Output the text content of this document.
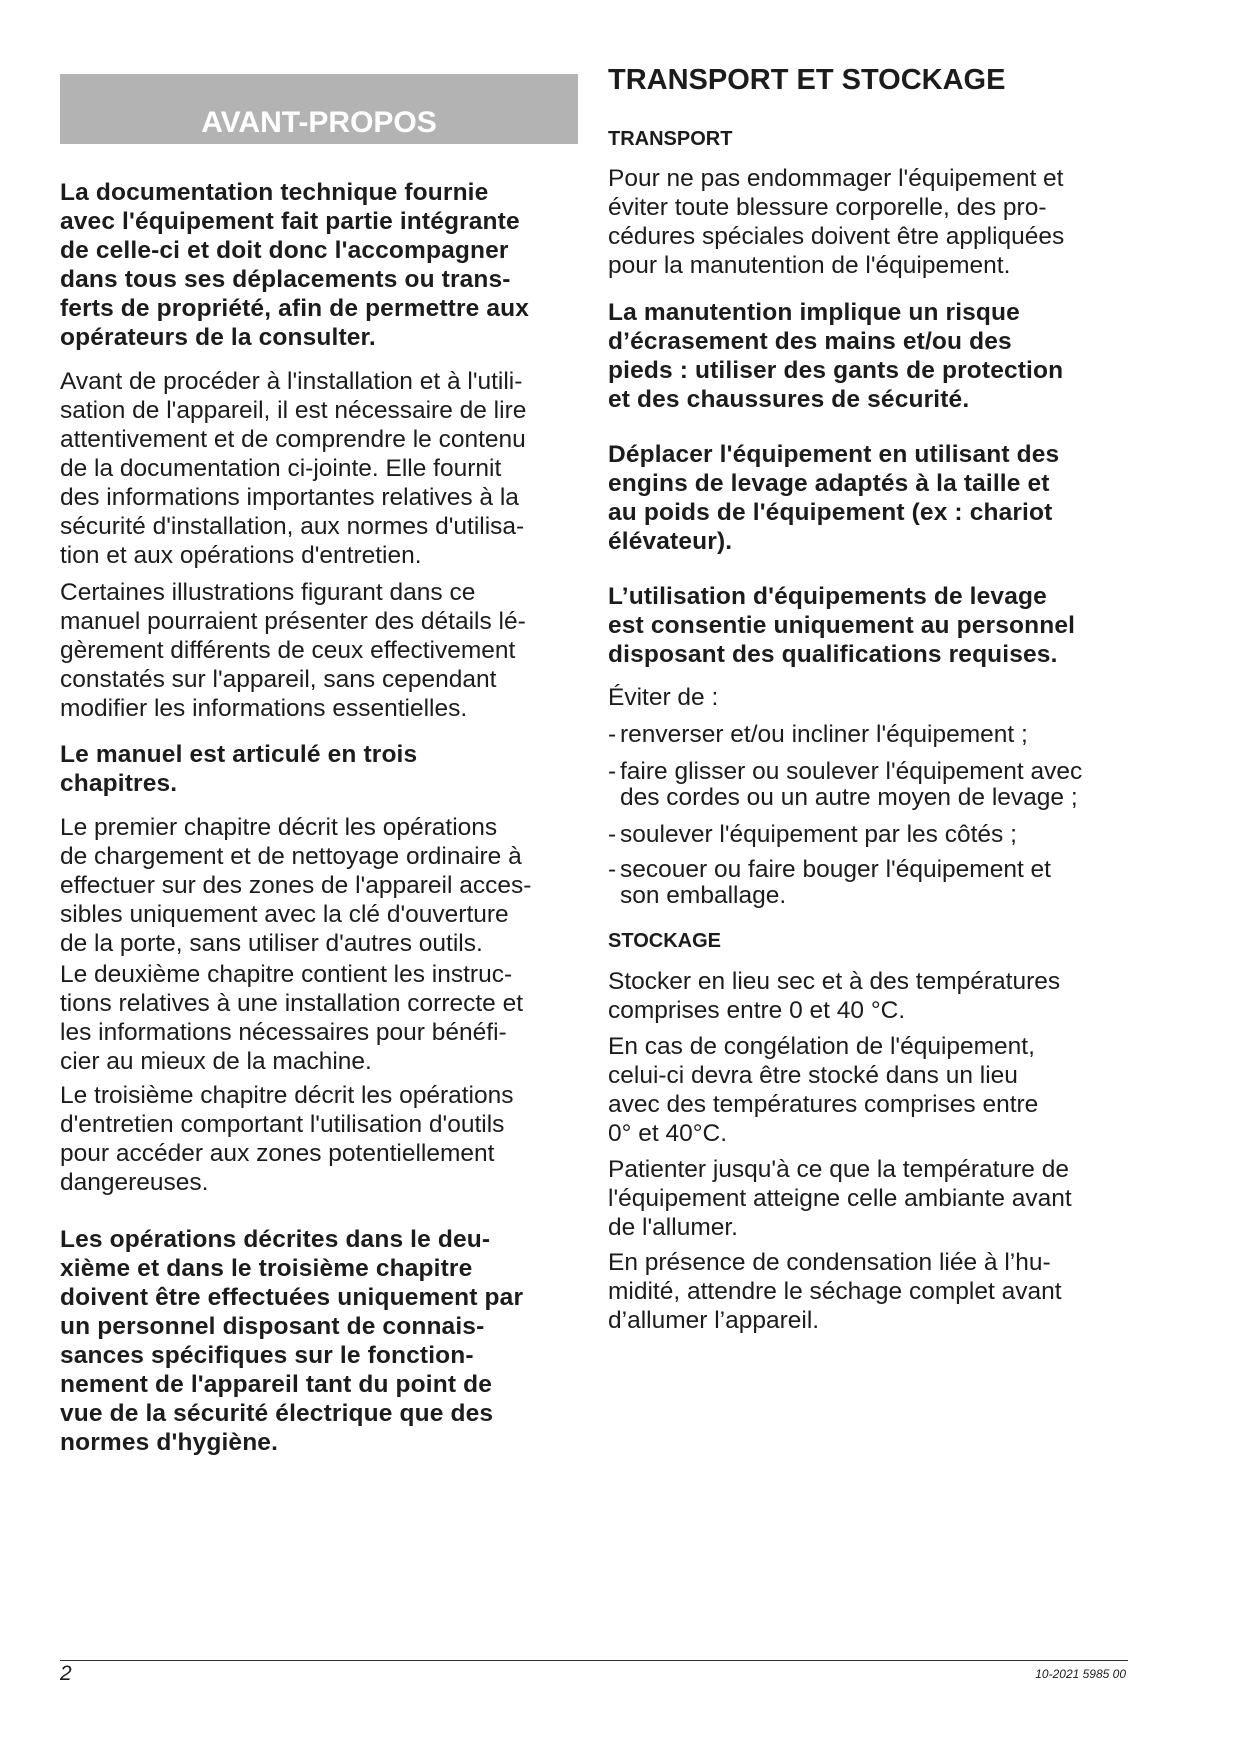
AVANT-PROPOS
La documentation technique fournie
avec l'équipement fait partie intégrante
de celle-ci et doit donc l'accompagner
dans tous ses déplacements ou trans-
ferts de propriété, afin de permettre aux
opérateurs de la consulter.
Avant de procéder à l'installation et à l'utili-
sation de l'appareil, il est nécessaire de lire
attentivement et de comprendre le contenu
de la documentation ci-jointe. Elle fournit
des informations importantes relatives à la
sécurité d'installation, aux normes d'utilisa-
tion et aux opérations d'entretien.
Certaines illustrations figurant dans ce
manuel pourraient présenter des détails lé-
gèrement différents de ceux effectivement
constatés sur l'appareil, sans cependant
modifier les informations essentielles.
Le manuel est articulé en trois
chapitres.
Le premier chapitre décrit les opérations
de chargement et de nettoyage ordinaire à
effectuer sur des zones de l'appareil acces-
sibles uniquement avec la clé d'ouverture
de la porte, sans utiliser d'autres outils.
Le deuxième chapitre contient les instruc-
tions relatives à une installation correcte et
les informations nécessaires pour bénéfi-
cier au mieux de la machine.
Le troisième chapitre décrit les opérations
d'entretien comportant l'utilisation d'outils
pour accéder aux zones potentiellement
dangereuses.
Les opérations décrites dans le deu-
xième et dans le troisième chapitre
doivent être effectuées uniquement par
un personnel disposant de connais-
sances spécifiques sur le fonction-
nement de l'appareil tant du point de
vue de la sécurité électrique que des
normes d'hygiène.
TRANSPORT ET STOCKAGE
TRANSPORT
Pour ne pas endommager l'équipement et
éviter toute blessure corporelle, des pro-
cédures spéciales doivent être appliquées
pour la manutention de l'équipement.
La manutention implique un risque
d’écrasement des mains et/ou des
pieds : utiliser des gants de protection
et des chaussures de sécurité.
Déplacer l'équipement en utilisant des
engins de levage adaptés à la taille et
au poids de l'équipement (ex : chariot
élévateur).
L’utilisation d'équipements de levage
est consentie uniquement au personnel
disposant des qualifications requises.
Éviter de :
- renverser et/ou incliner l'équipement ;
- faire glisser ou soulever l'équipement avec
des cordes ou un autre moyen de levage ;
- soulever l'équipement par les côtés ;
- secouer ou faire bouger l'équipement et
son emballage.
STOCKAGE
Stocker en lieu sec et à des températures
comprises entre 0 et 40 °C.
En cas de congélation de l'équipement,
celui-ci devra être stocké dans un lieu
avec des températures comprises entre
0° et 40°C.
Patienter jusqu'à ce que la température de
l'équipement atteigne celle ambiante avant
de l'allumer.
En présence de condensation liée à l’hu-
midité, attendre le séchage complet avant
d’allumer l’appareil.
2	10-2021 5985 00
